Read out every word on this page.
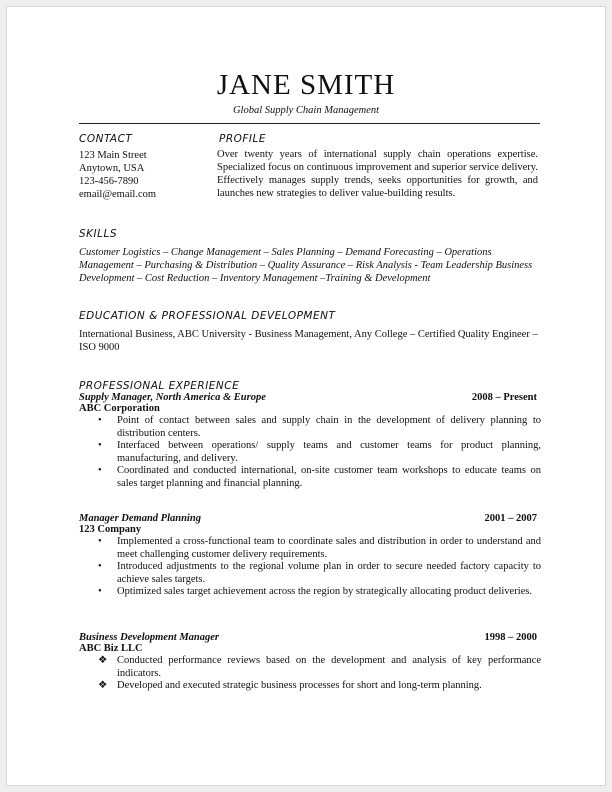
JANE SMITH
Global Supply Chain Management
CONTACT
123 Main Street
Anytown, USA
123-456-7890
email@email.com
PROFILE
Over twenty years of international supply chain operations expertise. Specialized focus on continuous improvement and superior service delivery. Effectively manages supply trends, seeks opportunities for growth, and launches new strategies to deliver value-building results.
SKILLS
Customer Logistics – Change Management – Sales Planning – Demand Forecasting – Operations Management – Purchasing & Distribution – Quality Assurance – Risk Analysis - Team Leadership Business Development – Cost Reduction – Inventory Management –Training & Development
EDUCATION & PROFESSIONAL DEVELOPMENT
International Business, ABC University - Business Management, Any College – Certified Quality Engineer – ISO 9000
PROFESSIONAL EXPERIENCE
Supply Manager, North America & Europe	2008 – Present
ABC Corporation
• Point of contact between sales and supply chain in the development of delivery planning to distribution centers.
• Interfaced between operations/ supply teams and customer teams for product planning, manufacturing, and delivery.
• Coordinated and conducted international, on-site customer team workshops to educate teams on sales target planning and financial planning.
Manager Demand Planning	2001 – 2007
123 Company
• Implemented a cross-functional team to coordinate sales and distribution in order to understand and meet challenging customer delivery requirements.
• Introduced adjustments to the regional volume plan in order to secure needed factory capacity to achieve sales targets.
• Optimized sales target achievement across the region by strategically allocating product deliveries.
Business Development Manager	1998 – 2000
ABC Biz LLC
❖ Conducted performance reviews based on the development and analysis of key performance indicators.
❖ Developed and executed strategic business processes for short and long-term planning.
